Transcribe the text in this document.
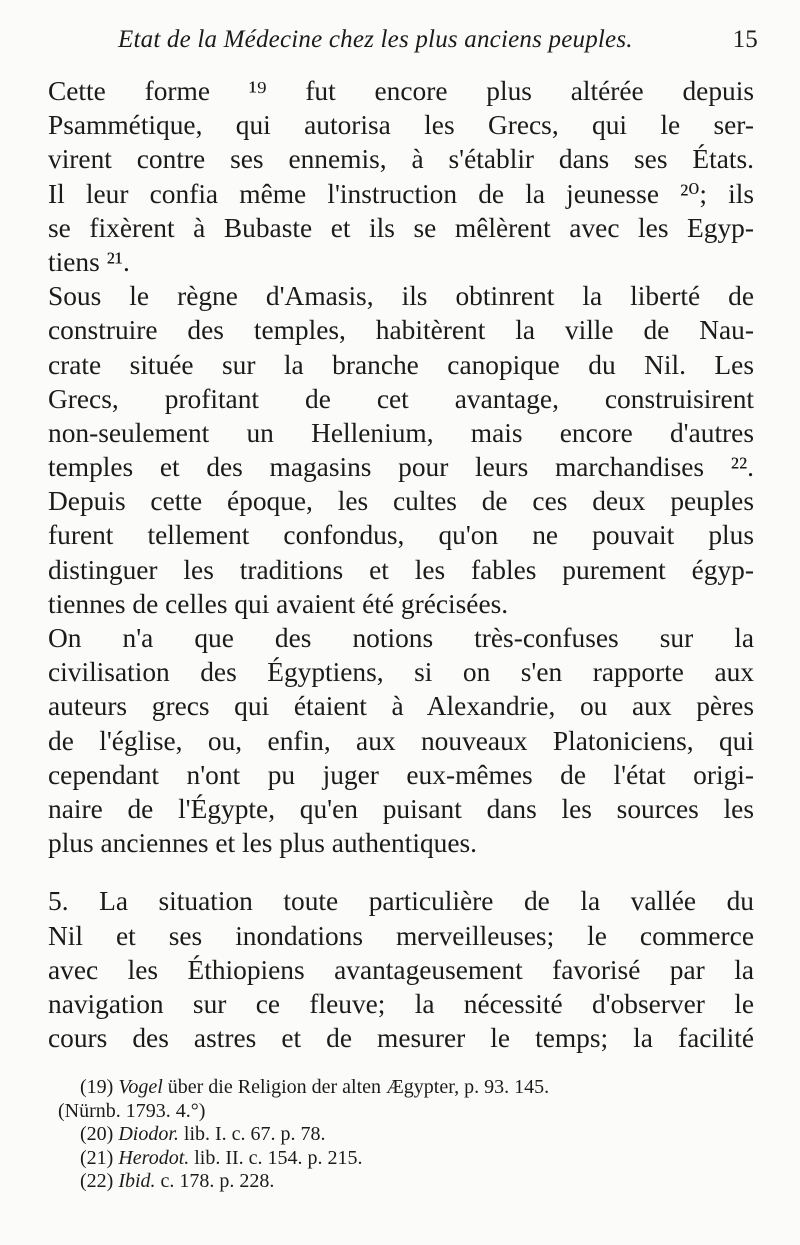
Etat de la Médecine chez les plus anciens peuples.	15
Cette forme ¹⁹ fut encore plus altérée depuis
Psammétique, qui autorisa les Grecs, qui le ser-
virent contre ses ennemis, à s'établir dans ses États.
Il leur confia même l'instruction de la jeunesse ²⁰; ils
se fixèrent à Bubaste et ils se mêlèrent avec les Egyp-
tiens ²¹.
Sous le règne d'Amasis, ils obtinrent la liberté de
construire des temples, habitèrent la ville de Nau-
crate située sur la branche canopique du Nil. Les
Grecs, profitant de cet avantage, construisirent
non-seulement un Hellenium, mais encore d'autres
temples et des magasins pour leurs marchandises ²².
Depuis cette époque, les cultes de ces deux peuples
furent tellement confondus, qu'on ne pouvait plus
distinguer les traditions et les fables purement égyp-
tiennes de celles qui avaient été grécisées.
On n'a que des notions très-confuses sur la
civilisation des Égyptiens, si on s'en rapporte aux
auteurs grecs qui étaient à Alexandrie, ou aux pères
de l'église, ou, enfin, aux nouveaux Platoniciens, qui
cependant n'ont pu juger eux-mêmes de l'état origi-
naire de l'Égypte, qu'en puisant dans les sources les
plus anciennes et les plus authentiques.
5. La situation toute particulière de la vallée du
Nil et ses inondations merveilleuses; le commerce
avec les Éthiopiens avantageusement favorisé par la
navigation sur ce fleuve; la nécessité d'observer le
cours des astres et de mesurer le temps; la facilité
(19) Vogel über die Religion der alten Ægypter, p. 93. 145.
(Nürnb. 1793. 4.°)
(20) Diodor. lib. I. c. 67. p. 78.
(21) Herodot. lib. II. c. 154. p. 215.
(22) Ibid. c. 178. p. 228.
